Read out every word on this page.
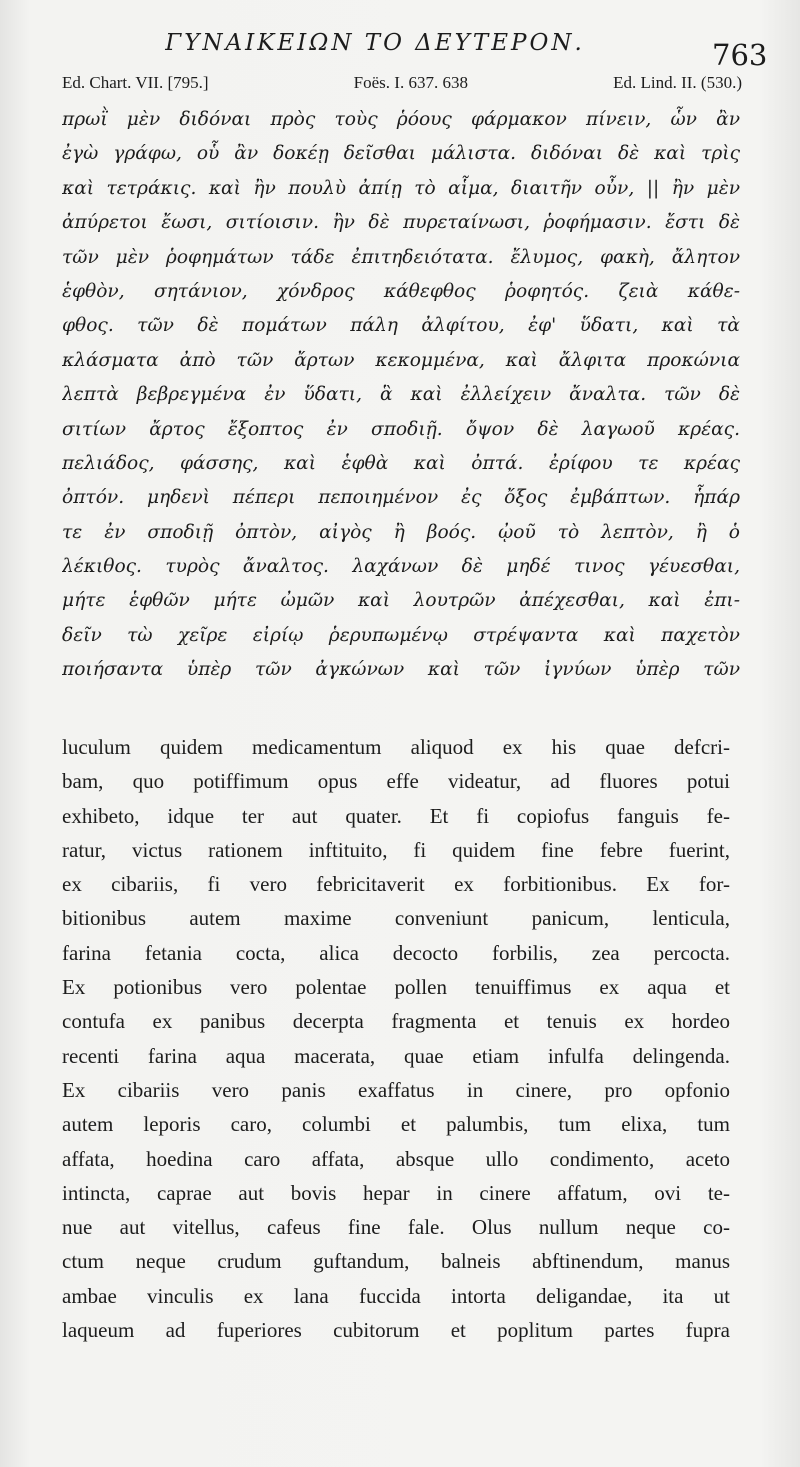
ΓΥΝΑΙΚΕΙΩΝ ΤΟ ΔΕΥΤΕΡΟΝ.	763
Ed. Chart. VII. [795.]	Foës. I. 637. 638	Ed. Lind. II. (530.)
πρωῒ μὲν διδόναι πρὸς τοὺς ῥόους φάρμακον πίνειν, ὧν ἂν
ἐγὼ γράφω, οὗ ἂν δοκέῃ δεῖσθαι μάλιστα. διδόναι δὲ καὶ τρὶς
καὶ τετράκις. καὶ ἢν πουλὺ ἀπίῃ τὸ αἷμα, διαιτῆν οὖν, || ἢν μὲν
ἀπύρετοι ἔωσι, σιτίοισιν. ἢν δὲ πυρεταίνωσι, ῥοφήμασιν. ἔστι δὲ
τῶν μὲν ῥοφημάτων τάδε ἐπιτηδειότατα. ἔλυμος, φακὴ, ἄλητον
ἑφθὸν, σητάνιον, χόνδρος κάθεφθος ῥοφητός. ζειὰ κάθε-
φθος. τῶν δὲ πομάτων πάλη ἀλφίτου, ἐφ' ὕδατι, καὶ τὰ
κλάσματα ἀπὸ τῶν ἄρτων κεκομμένα, καὶ ἄλφιτα προκώνια
λεπτὰ βεβρεγμένα ἐν ὕδατι, ἃ καὶ ἐλλείχειν ἄναλτα. τῶν δὲ
σιτίων ἄρτος ἔξοπτος ἐν σποδιῇ. ὄψον δὲ λαγωοῦ κρέας.
πελιάδος, φάσσης, καὶ ἑφθὰ καὶ ὀπτά. ἐρίφου τε κρέας
ὀπτόν. μηδενὶ πέπερι πεποιημένον ἐς ὄξος ἐμβάπτων. ἧπάρ
τε ἐν σποδιῇ ὀπτὸν, αἰγὸς ἢ βοός. ᾠοῦ τὸ λεπτὸν, ἢ ὁ
λέκιθος. τυρὸς ἄναλτος. λαχάνων δὲ μηδέ τινος γέυεσθαι,
μήτε ἑφθῶν μήτε ὠμῶν καὶ λουτρῶν ἀπέχεσθαι, καὶ ἐπι-
δεῖν τὼ χεῖρε εἰρίῳ ῥερυπωμένῳ στρέψαντα καὶ παχετὸν
ποιήσαντα ὑπὲρ τῶν ἀγκώνων καὶ τῶν ἰγνύων ὑπὲρ τῶν
luculum quidem medicamentum aliquod ex his quae defcri-
bam, quo potiffimum opus effe videatur, ad fluores potui
exhibeto, idque ter aut quater. Et fi copiofus fanguis fe-
ratur, victus rationem inftituito, fi quidem fine febre fuerint,
ex cibariis, fi vero febricitaverit ex forbitionibus. Ex for-
bitionibus autem maxime conveniunt panicum, lenticula,
farina fetania cocta, alica decocto forbilis, zea percocta.
Ex potionibus vero polentae pollen tenuiffimus ex aqua et
contufa ex panibus decerpta fragmenta et tenuis ex hordeo
recenti farina aqua macerata, quae etiam infulfa delingenda.
Ex cibariis vero panis exaffatus in cinere, pro opfonio
autem leporis caro, columbi et palumbis, tum elixa, tum
affata, hoedina caro affata, absque ullo condimento, aceto
intincta, caprae aut bovis hepar in cinere affatum, ovi te-
nue aut vitellus, cafeus fine fale. Olus nullum neque co-
ctum neque crudum guftandum, balneis abftinendum, manus
ambae vinculis ex lana fuccida intorta deligandae, ita ut
laqueum ad fuperiores cubitorum et poplitum partes fupra
